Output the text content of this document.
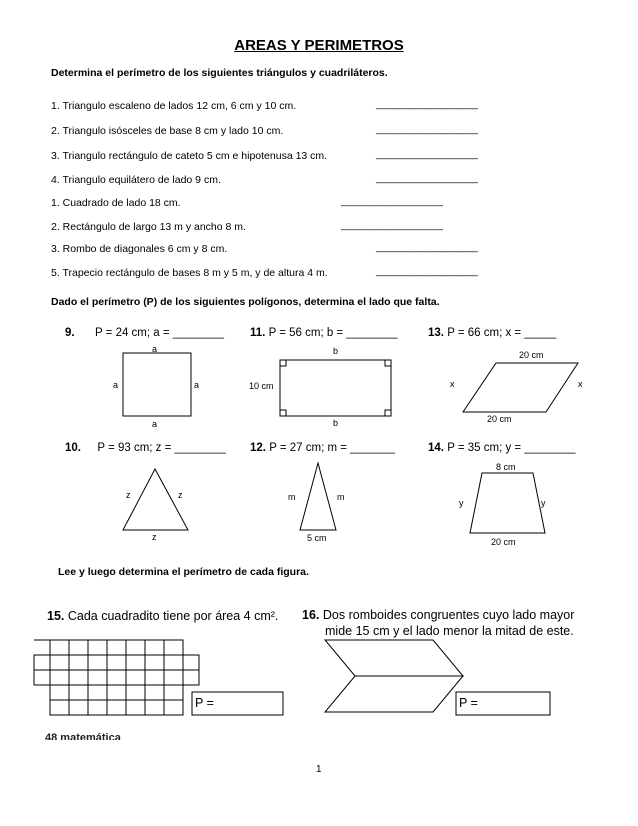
AREAS Y PERIMETROS
Determina el perímetro de los siguientes triángulos y cuadriláteros.
1. Triangulo escaleno de lados 12 cm, 6 cm y 10 cm.	___________________
2. Triangulo isósceles de base 8 cm y lado 10 cm.	___________________
3. Triangulo rectángulo de cateto 5 cm e hipotenusa 13 cm.	___________________
4. Triangulo equilátero de lado 9 cm.	___________________
1. Cuadrado de lado 18 cm.	___________________
2. Rectángulo de largo 13 m y ancho 8 m.	___________________
3. Rombo de diagonales 6 cm y 8 cm.	___________________
5. Trapecio rectángulo de bases 8 m y 5 m, y de altura 4 m.	___________________
Dado el perímetro (P) de los siguientes polígonos, determina el lado que falta.
9. P = 24 cm; a = ________ 11. P = 56 cm; b = ________	13. P = 66 cm; x = _____
10. P = 93 cm; z = ________ 12. P = 27 cm; m = _______	14. P = 35 cm; y = ________
a
a	a
a
b
b
10 cm
20 cm
20 cm
x	x
z	z
z
m	m
5 cm
8 cm
20 cm
y	y
Lee y luego determina el perímetro de cada figura.
15. Cada cuadradito tiene por área 4 cm². 16. Dos romboides congruentes cuyo lado mayor
mide 15 cm y el lado menor la mitad de este.
P =	P =
48 matemática
1
